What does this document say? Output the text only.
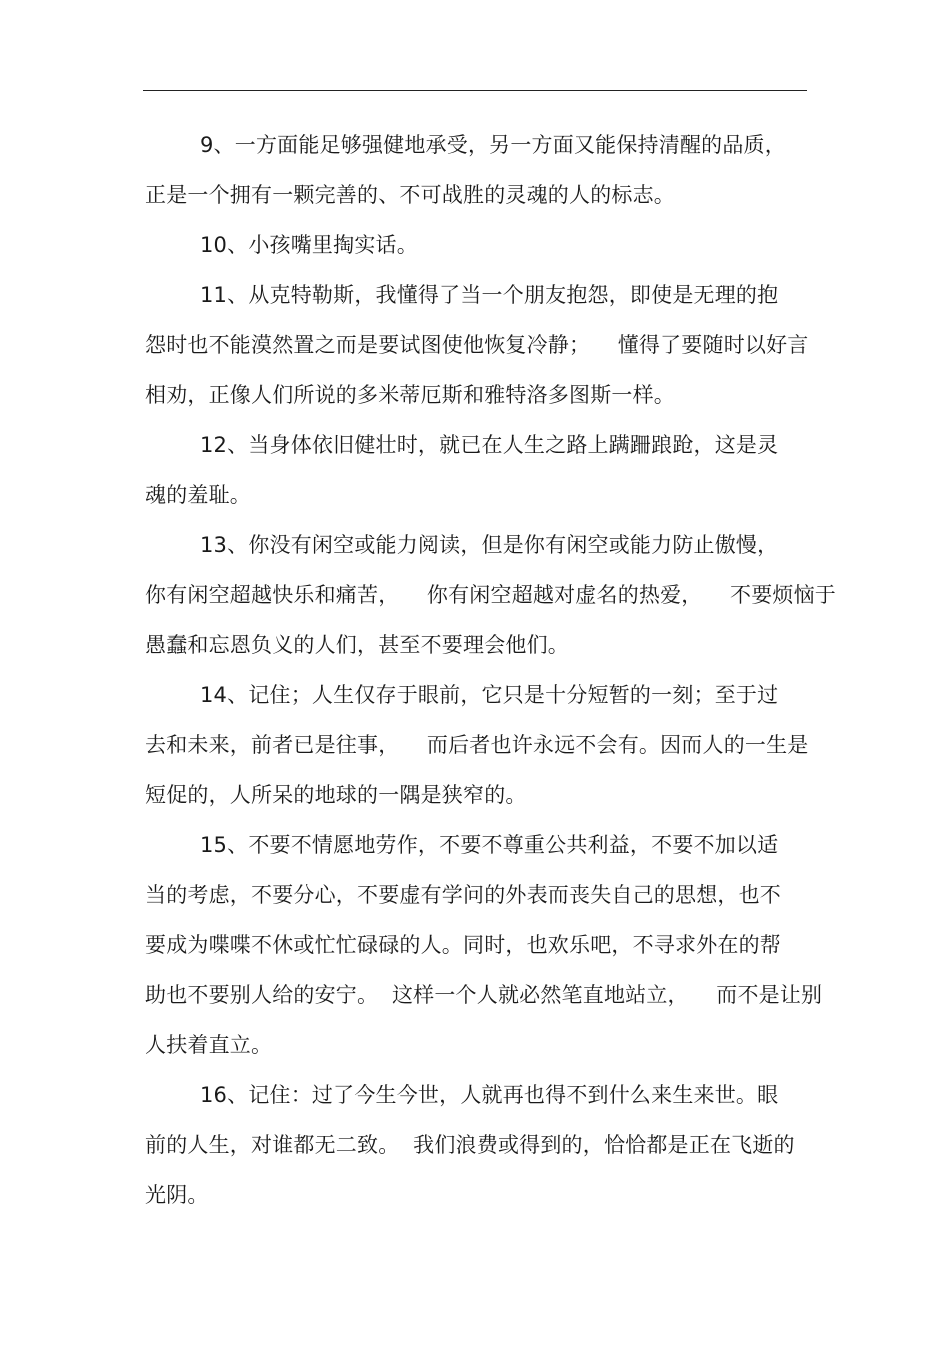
9、一方面能足够强健地承受，另一方面又能保持清醒的品质，
正是一个拥有一颗完善的、不可战胜的灵魂的人的标志。
10、小孩嘴里掏实话。
11、从克特勒斯，我懂得了当一个朋友抱怨，即使是无理的抱
怨时也不能漠然置之而是要试图使他恢复冷静；    懂得了要随时以好言
相劝，正像人们所说的多米蒂厄斯和雅特洛多图斯一样。
12、当身体依旧健壮时，就已在人生之路上蹒跚踉跄，这是灵
魂的羞耻。
13、你没有闲空或能力阅读，但是你有闲空或能力防止傲慢，
你有闲空超越快乐和痛苦，    你有闲空超越对虚名的热爱，    不要烦恼于
愚蠢和忘恩负义的人们，甚至不要理会他们。
14、记住；人生仅存于眼前，它只是十分短暂的一刻；至于过
去和未来，前者已是往事，    而后者也许永远不会有。因而人的一生是
短促的，人所呆的地球的一隅是狭窄的。
15、不要不情愿地劳作，不要不尊重公共利益，不要不加以适
当的考虑，不要分心，不要虚有学问的外表而丧失自己的思想，也不
要成为喋喋不休或忙忙碌碌的人。同时，也欢乐吧，不寻求外在的帮
助也不要别人给的安宁。  这样一个人就必然笔直地站立，    而不是让别
人扶着直立。
16、记住：过了今生今世，人就再也得不到什么来生来世。眼
前的人生，对谁都无二致。  我们浪费或得到的，恰恰都是正在飞逝的
光阴。
